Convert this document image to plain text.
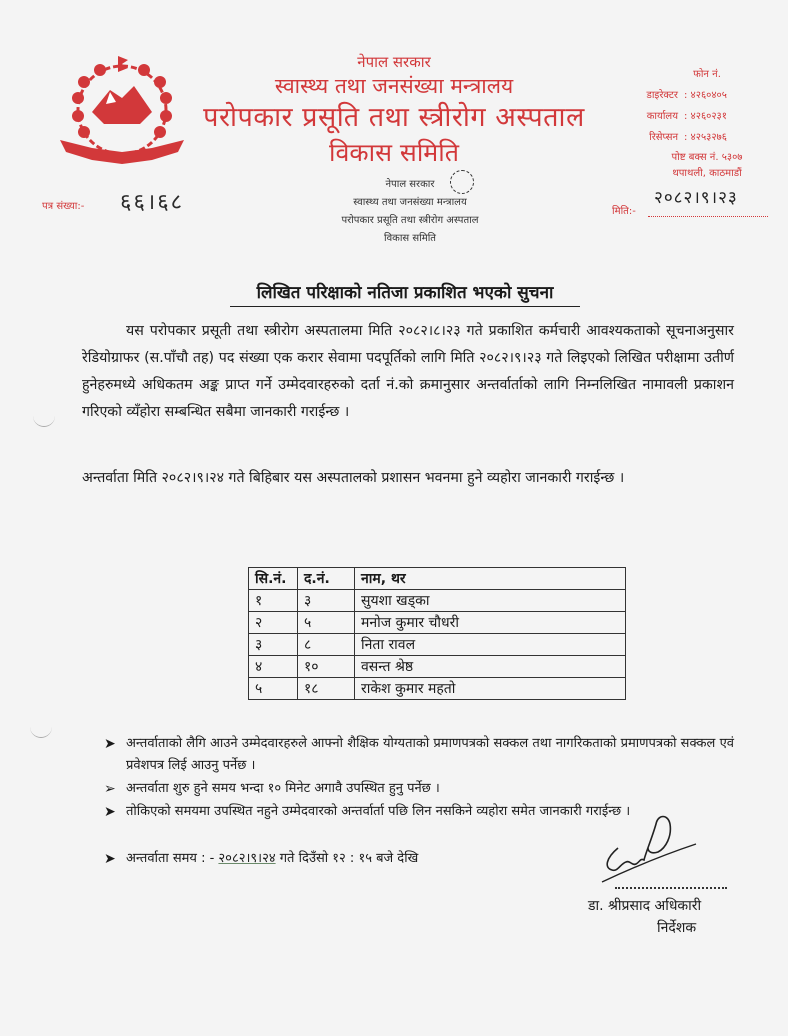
नेपाल सरकार
स्वास्थ्य तथा जनसंख्या मन्त्रालय
परोपकार प्रसूति तथा स्त्रीरोग अस्पताल
विकास समिति
नेपाल सरकार
स्वास्थ्य तथा जनसंख्या मन्त्रालय
परोपकार प्रसूति तथा स्त्रीरोग अस्पताल
विकास समिति
फोन नं.
डाइरेक्टर : ४२६०४०५
कार्यालय : ४२६०२३१
रिसेप्सन : ४२५३२७६
पोष्ट बक्स नं. ५३०७
थपाथली, काठमाडौं
पत्र संख्या:- ६६।६८	मिति:-
२०८२।९।२३
लिखित परिक्षाको नतिजा प्रकाशित भएको सुचना
यस परोपकार प्रसूती तथा स्त्रीरोग अस्पतालमा मिति २०८२।८।२३ गते प्रकाशित कर्मचारी आवश्यकताको सूचनाअनुसार रेडियोग्राफर (स.पाँचौ तह) पद संख्या एक करार सेवामा पदपूर्तिको लागि मिति २०८२।९।२३ गते लिइएको लिखित परीक्षामा उतीर्ण हुनेहरुमध्ये अधिकतम अङ्क प्राप्त गर्ने उम्मेदवारहरुको दर्ता नं.को क्रमानुसार अन्तर्वार्ताको लागि निम्नलिखित नामावली प्रकाशन गरिएको व्यँहोरा सम्बन्धित सबैमा जानकारी गराईन्छ ।
अन्तर्वाता मिति २०८२।९।२४ गते बिहिबार यस अस्पतालको प्रशासन भवनमा हुने व्यहोरा जानकारी गराईन्छ ।
सि.नं.	द.नं.	नाम, थर
१	३	सुयशा खड्का
२	५	मनोज कुमार चौधरी
३	८	निता रावल
४	१०	वसन्त श्रेष्ठ
५	१८	राकेश कुमार महतो
➤ अन्तर्वाताको लैगि आउने उम्मेदवारहरुले आफ्नो शैक्षिक योग्यताको प्रमाणपत्रको सक्कल तथा नागरिकताको प्रमाणपत्रको सक्कल एवं प्रवेशपत्र लिई आउनु पर्नेछ ।
➢ अन्तर्वाता शुरु हुने समय भन्दा १० मिनेट अगावै उपस्थित हुनु पर्नेछ ।
➤ तोकिएको समयमा उपस्थित नहुने उम्मेदवारको अन्तर्वार्ता पछि लिन नसकिने व्यहोरा समेत जानकारी गराईन्छ ।
➤ अन्तर्वाता समय : - २०८२।९।२४ गते दिउँसो १२ : १५ बजे देखि
डा. श्रीप्रसाद अधिकारी
निर्देशक
